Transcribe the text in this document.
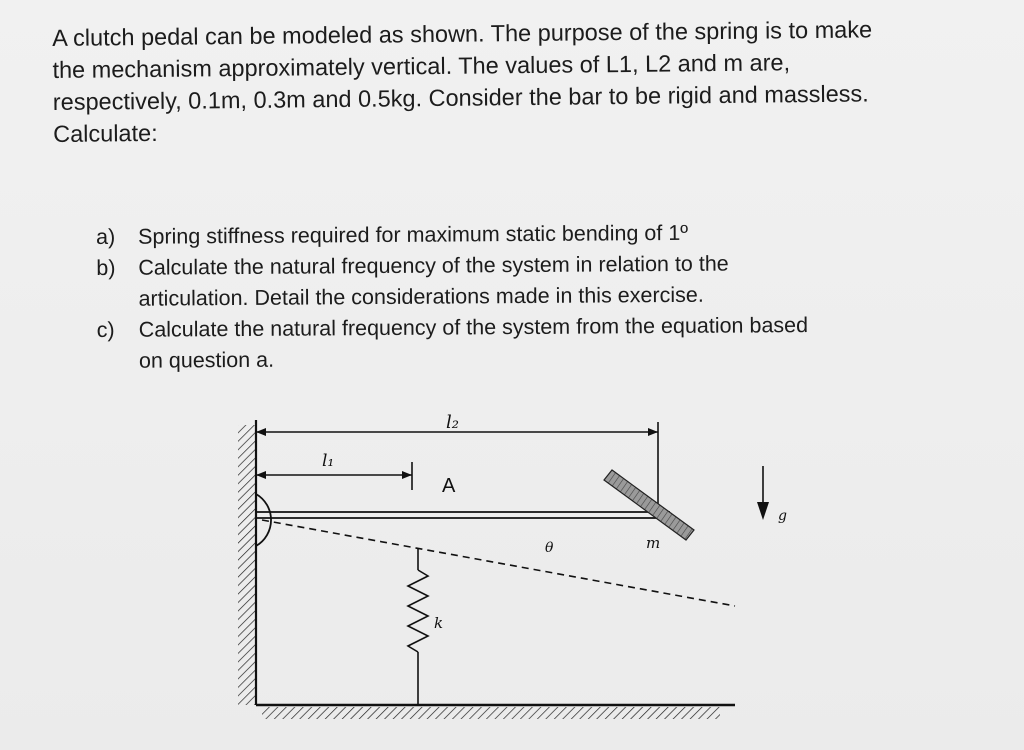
A clutch pedal can be modeled as shown. The purpose of the spring is to make
the mechanism approximately vertical. The values of L1, L2 and m are,
respectively, 0.1m, 0.3m and 0.5kg. Consider the bar to be rigid and massless.
Calculate:

a)	Spring stiffness required for maximum static bending of 1º
b)	Calculate the natural frequency of the system in relation to the
articulation. Detail the considerations made in this exercise.
c)	Calculate the natural frequency of the system from the equation based
on question a.
l₂
l₁
A
θ	m
g
k
